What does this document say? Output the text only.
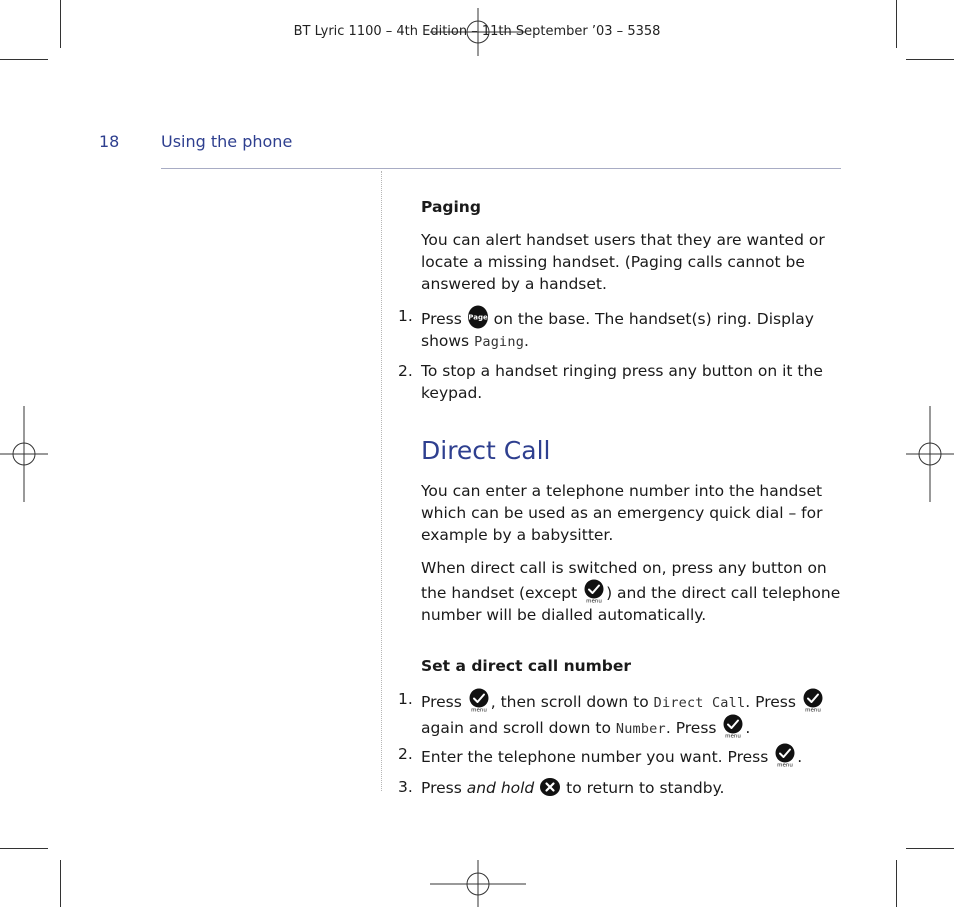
BT Lyric 1100 – 4th Edition – 11th September ’03 – 5358
18	Using the phone
Paging
You can alert handset users that they are wanted or locate a missing handset. (Paging calls cannot be answered by a handset.
1. Press Page on the base. The handset(s) ring. Display shows Paging.
2. To stop a handset ringing press any button on it the keypad.
Direct Call
You can enter a telephone number into the handset which can be used as an emergency quick dial – for example by a babysitter.
When direct call is switched on, press any button on the handset (except menu ) and the direct call telephone number will be dialled automatically.
Set a direct call number
1. Press menu , then scroll down to Direct Call. Press menu
again and scroll down to Number. Press menu .
2. Enter the telephone number you want. Press menu .
3. Press and hold
to return to standby.
